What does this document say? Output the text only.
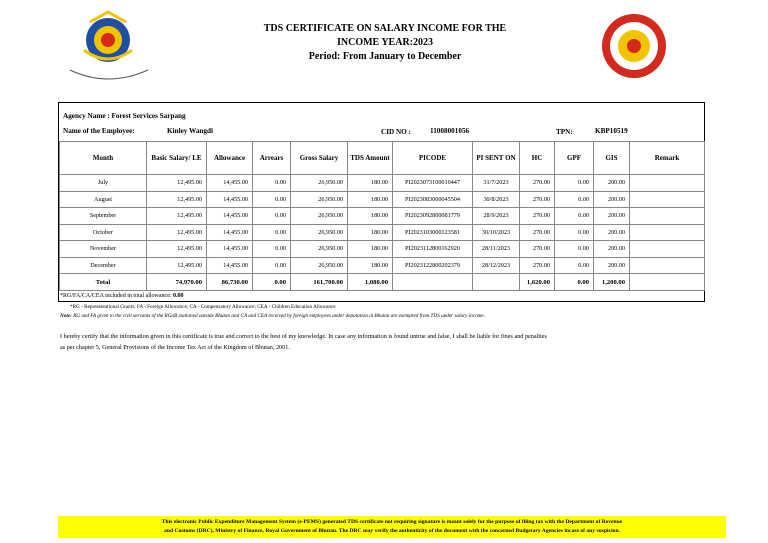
TDS CERTIFICATE ON SALARY INCOME FOR THE
INCOME YEAR:2023
Period: From January to December
Agency Name : Forest Services Sarpang
Name of the Employee:	Kinley Wangdi	CID NO :	11008001056	TPN:	KBP10519
Month	Basic Salary/ LE	Allowance	Arrears	Gross Salary	TDS Amount	PICODE	PI SENT ON	HC	GPF	GIS	Remark
July	12,495.00	14,455.00	0.00	26,950.00	180.00	PI2023073100010447	31/7/2023	270.00	0.00	200.00	
August	12,495.00	14,455.00	0.00	26,950.00	180.00	PI2023083000045504	30/8/2023	270.00	0.00	200.00	
September	12,495.00	14,455.00	0.00	26,950.00	180.00	PI2023092800081779	28/9/2023	270.00	0.00	200.00	
October	12,495.00	14,455.00	0.00	26,950.00	180.00	PI2023103000123581	30/10/2023	270.00	0.00	200.00	
November	12,495.00	14,455.00	0.00	26,950.00	180.00	PI2023112800162920	28/11/2023	270.00	0.00	200.00	
December	12,495.00	14,455.00	0.00	26,950.00	180.00	PI2023122800202379	28/12/2023	270.00	0.00	200.00	
Total	74,970.00	86,730.00	0.00	161,700.00	1,080.00			1,620.00	0.00	1,200.00	
*RG/FA/CA/CEA included in total allowance: 0.00
*RG - Representational Grants; FA - Foreign Allowance; CA - Compensatory Allowance; CEA - Children Education Allowance
Note: RG and FA given to the civil servants of the RGoB stationed outside Bhutan and CA and CEA received by foreign employees under deputation in Bhutan are exempted from TDS under salary income.
I hereby certify that the information given in this certificate is true and correct to the best of my knowledge. In case any information is found untrue and false, I shall be liable for fines and penalties
as per chapter 5, General Provisions of the Income Tax Act of the Kingdom of Bhutan, 2001.
This electronic Public Expenditure Management System (e-PEMS) generated TDS certificate not requiring signature is meant solely for the purpose of filing tax with the Department of Revenue
and Customs (DRC), Ministry of Finance, Royal Government of Bhutan. The DRC may verify the authenticity of the document with the concerned Budgetary Agencies incase of any suspicion.
